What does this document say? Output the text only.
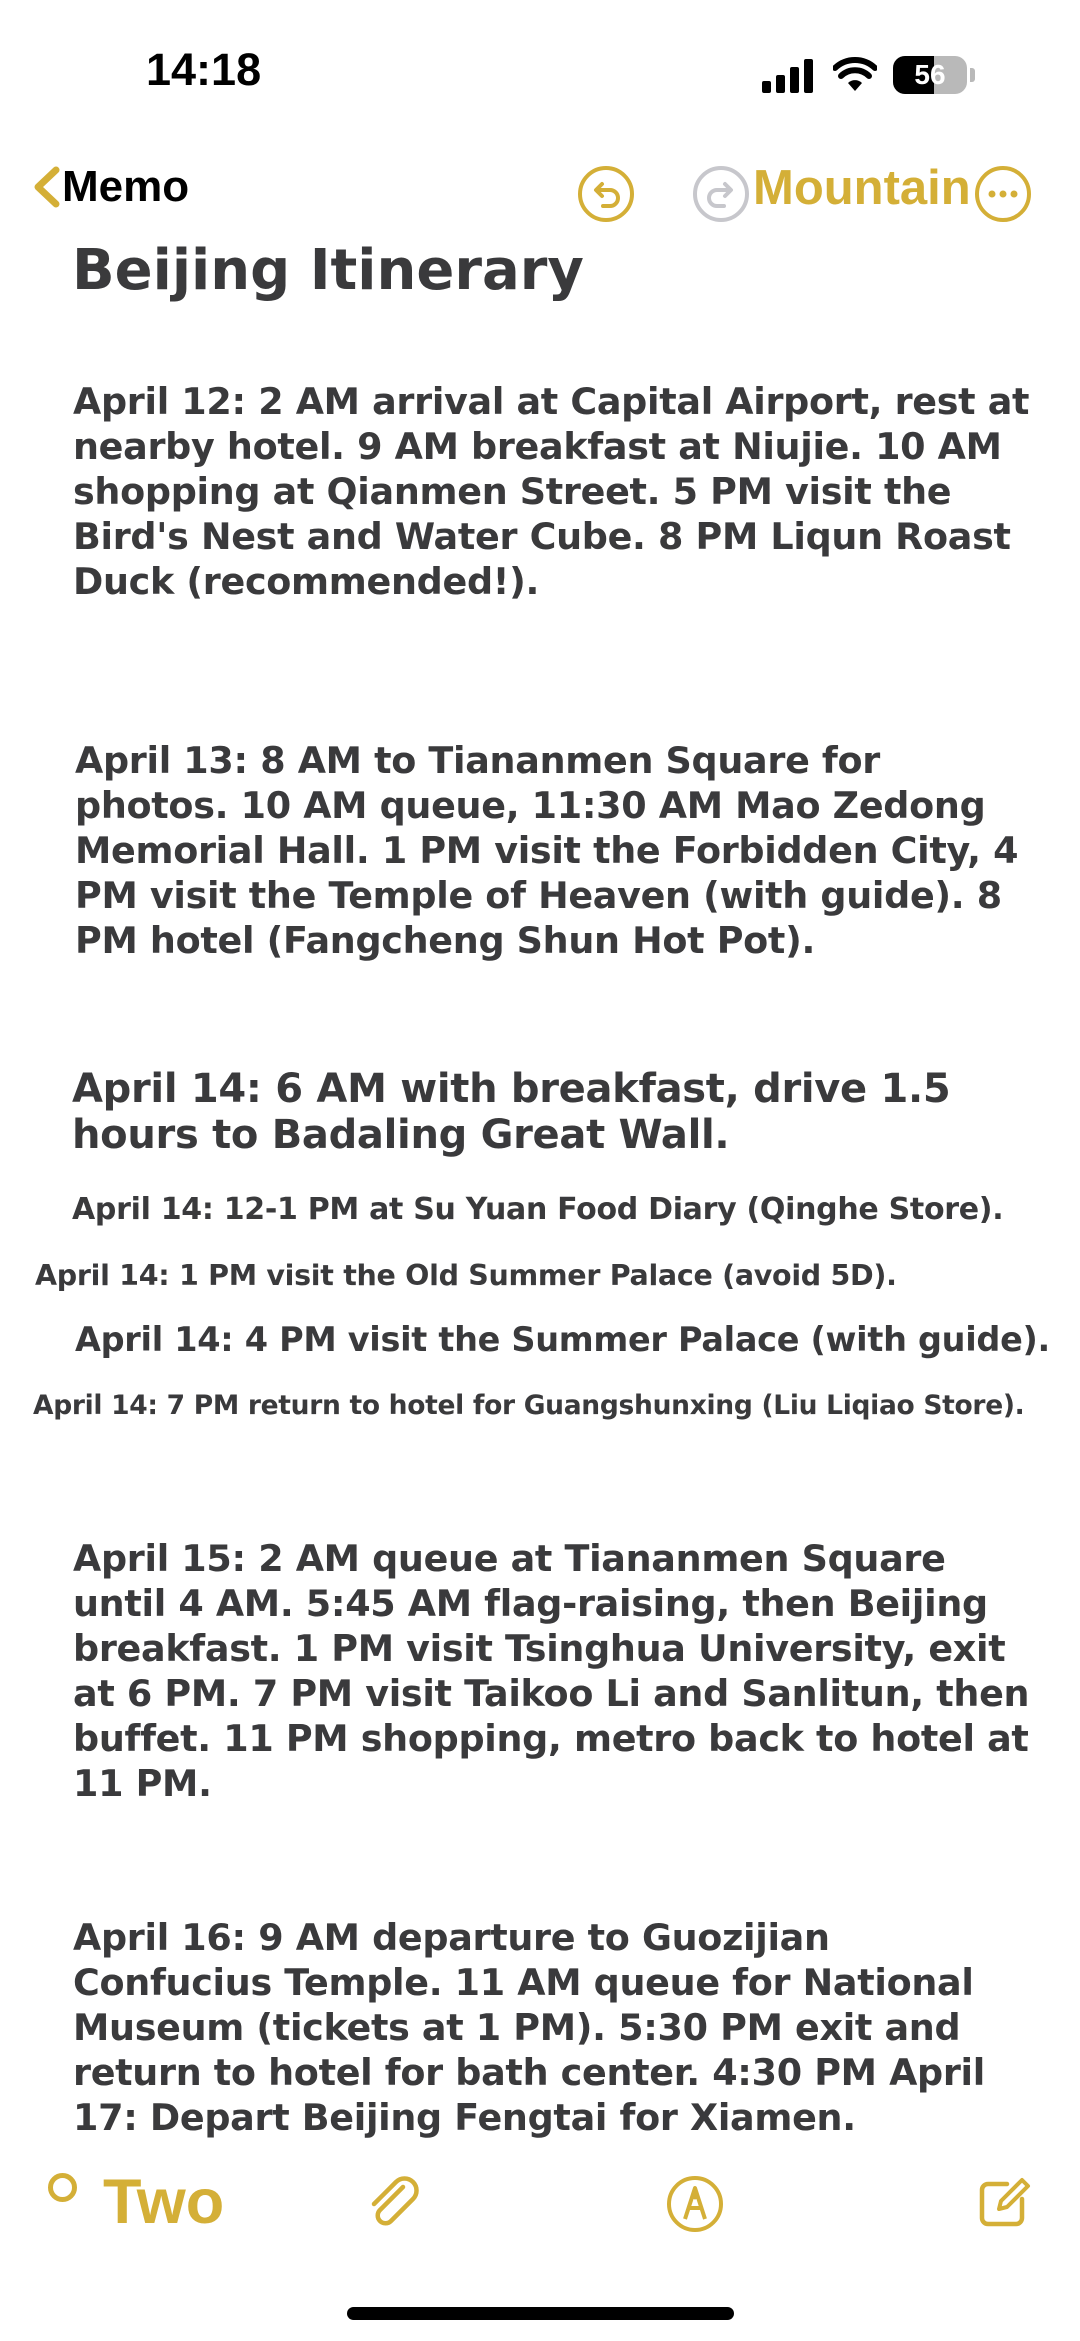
14:18	56
Memo	Mountain
Beijing Itinerary

April 12: 2 AM arrival at Capital Airport, rest at nearby hotel. 9 AM breakfast at Niujie. 10 AM shopping at Qianmen Street. 5 PM visit the Bird's Nest and Water Cube. 8 PM Liqun Roast Duck (recommended!).

April 13: 8 AM to Tiananmen Square for photos. 10 AM queue, 11:30 AM Mao Zedong Memorial Hall. 1 PM visit the Forbidden City, 4 PM visit the Temple of Heaven (with guide). 8 PM hotel (Fangcheng Shun Hot Pot).

April 14: 6 AM with breakfast, drive 1.5 hours to Badaling Great Wall.

April 14: 12-1 PM at Su Yuan Food Diary (Qinghe Store).

April 14: 1 PM visit the Old Summer Palace (avoid 5D).

April 14: 4 PM visit the Summer Palace (with guide).

April 14: 7 PM return to hotel for Guangshunxing (Liu Liqiao Store).

April 15: 2 AM queue at Tiananmen Square until 4 AM. 5:45 AM flag-raising, then Beijing breakfast. 1 PM visit Tsinghua University, exit at 6 PM. 7 PM visit Taikoo Li and Sanlitun, then buffet. 11 PM shopping, metro back to hotel at 11 PM.

April 16: 9 AM departure to Guozijian Confucius Temple. 11 AM queue for National Museum (tickets at 1 PM). 5:30 PM exit and return to hotel for bath center. 4:30 PM April 17: Depart Beijing Fengtai for Xiamen.

Two
